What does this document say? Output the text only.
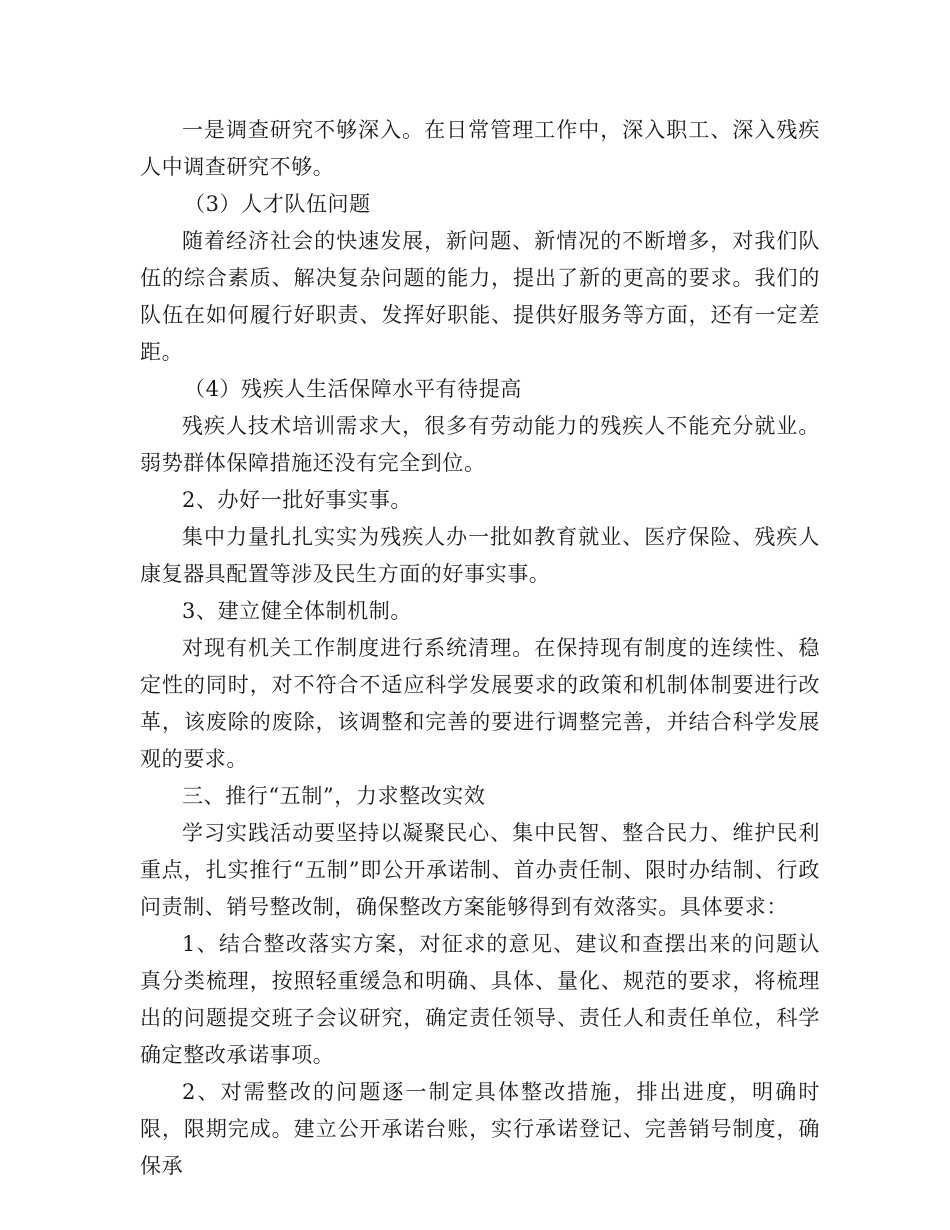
一是调查研究不够深入。在日常管理工作中，深入职工、深入残疾人中调查研究不够。

（3）人才队伍问题

随着经济社会的快速发展，新问题、新情况的不断增多，对我们队伍的综合素质、解决复杂问题的能力，提出了新的更高的要求。我们的队伍在如何履行好职责、发挥好职能、提供好服务等方面，还有一定差距。

（4）残疾人生活保障水平有待提高

残疾人技术培训需求大，很多有劳动能力的残疾人不能充分就业。弱势群体保障措施还没有完全到位。

2、办好一批好事实事。

集中力量扎扎实实为残疾人办一批如教育就业、医疗保险、残疾人康复器具配置等涉及民生方面的好事实事。

3、建立健全体制机制。

对现有机关工作制度进行系统清理。在保持现有制度的连续性、稳定性的同时，对不符合不适应科学发展要求的政策和机制体制要进行改革，该废除的废除，该调整和完善的要进行调整完善，并结合科学发展观的要求。

三、推行“五制”，力求整改实效

学习实践活动要坚持以凝聚民心、集中民智、整合民力、维护民利重点，扎实推行“五制”即公开承诺制、首办责任制、限时办结制、行政问责制、销号整改制，确保整改方案能够得到有效落实。具体要求：

1、结合整改落实方案，对征求的意见、建议和查摆出来的问题认真分类梳理，按照轻重缓急和明确、具体、量化、规范的要求，将梳理出的问题提交班子会议研究，确定责任领导、责任人和责任单位，科学确定整改承诺事项。

2、对需整改的问题逐一制定具体整改措施，排出进度，明确时限，限期完成。建立公开承诺台账，实行承诺登记、完善销号制度，确保承
